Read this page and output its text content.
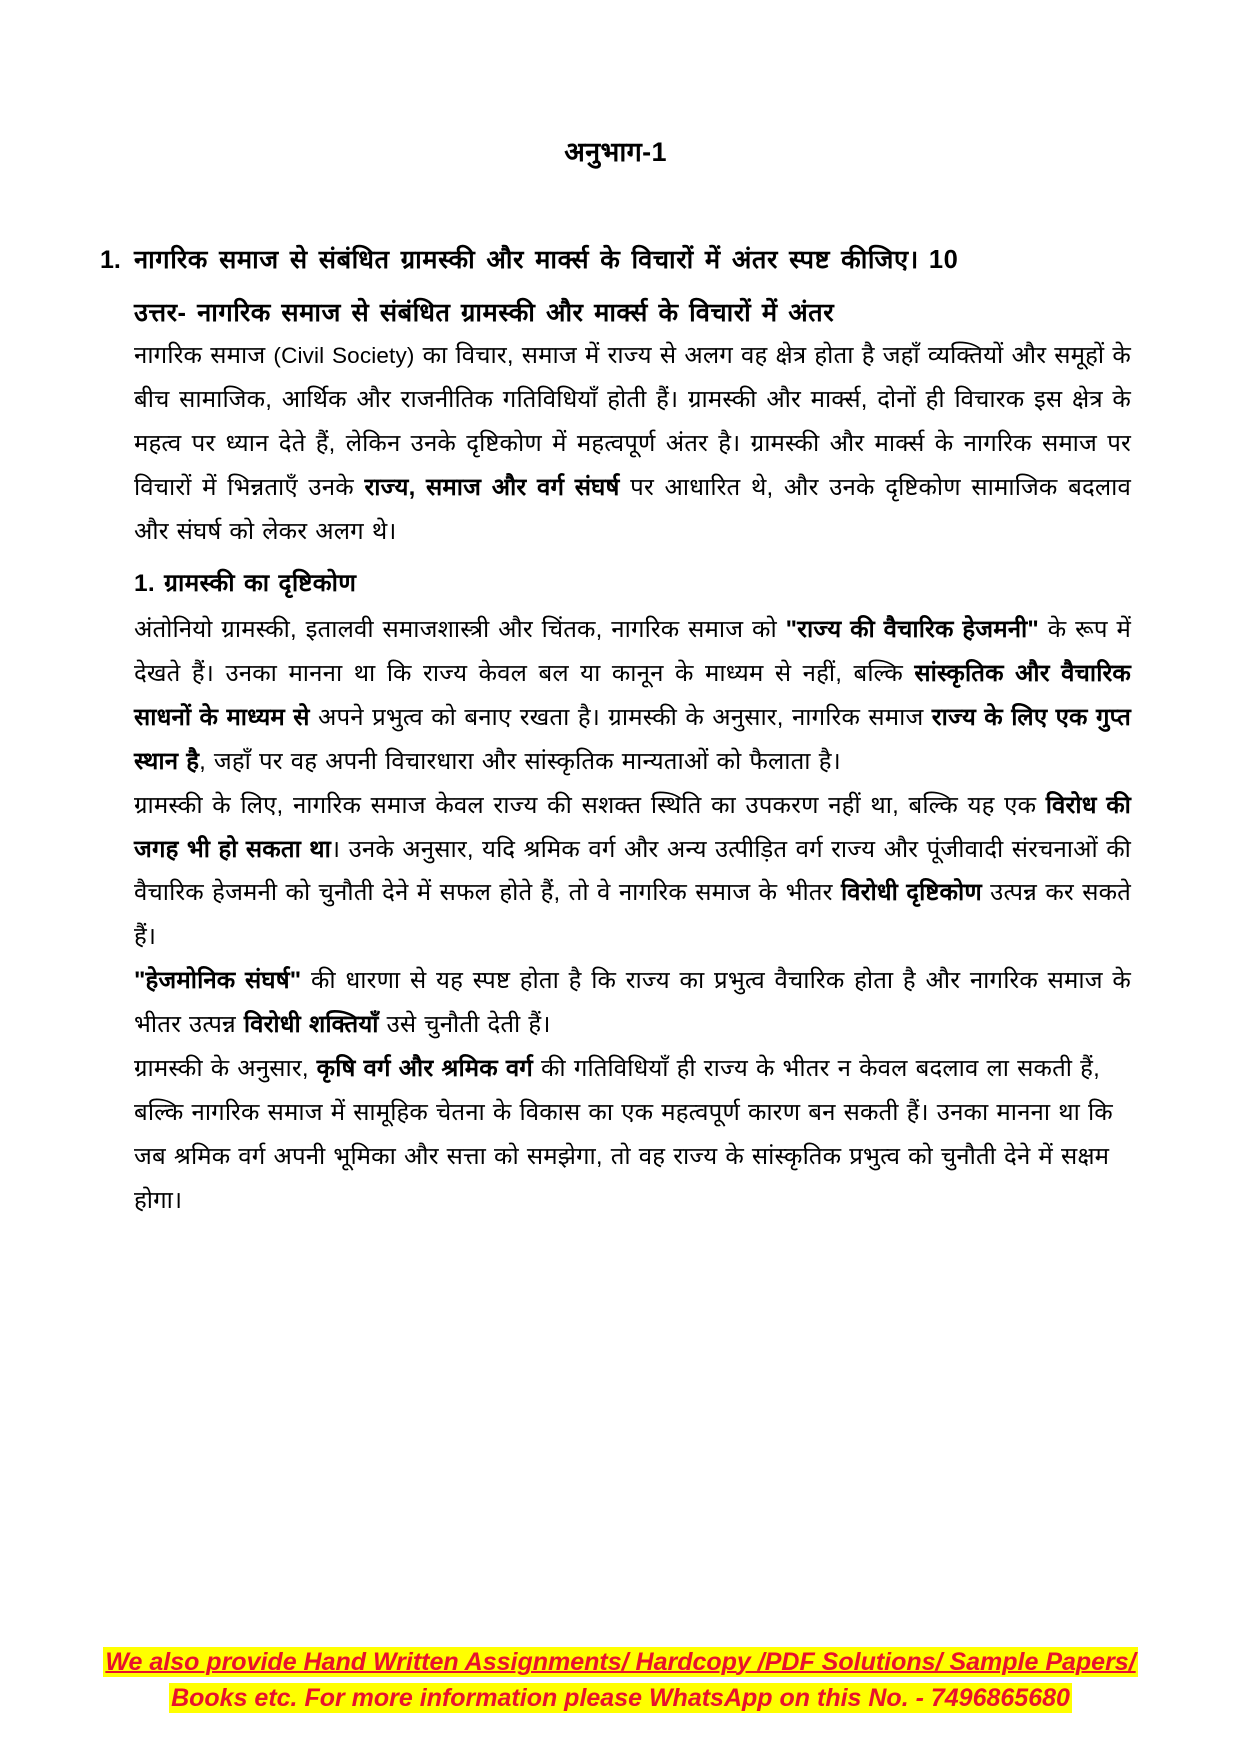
अनुभाग-1
1. नागरिक समाज से संबंधित ग्रामस्की और मार्क्स के विचारों में अंतर स्पष्ट कीजिए। 10
उत्तर- नागरिक समाज से संबंधित ग्रामस्की और मार्क्स के विचारों में अंतर

नागरिक समाज (Civil Society) का विचार, समाज में राज्य से अलग वह क्षेत्र होता है जहाँ व्यक्तियों और समूहों के बीच सामाजिक, आर्थिक और राजनीतिक गतिविधियाँ होती हैं। ग्रामस्की और मार्क्स, दोनों ही विचारक इस क्षेत्र के महत्व पर ध्यान देते हैं, लेकिन उनके दृष्टिकोण में महत्वपूर्ण अंतर है। ग्रामस्की और मार्क्स के नागरिक समाज पर विचारों में भिन्नताएँ उनके राज्य, समाज और वर्ग संघर्ष पर आधारित थे, और उनके दृष्टिकोण सामाजिक बदलाव और संघर्ष को लेकर अलग थे।

1. ग्रामस्की का दृष्टिकोण

अंतोनियो ग्रामस्की, इतालवी समाजशास्त्री और चिंतक, नागरिक समाज को "राज्य की वैचारिक हेजमनी" के रूप में देखते हैं। उनका मानना था कि राज्य केवल बल या कानून के माध्यम से नहीं, बल्कि सांस्कृतिक और वैचारिक साधनों के माध्यम से अपने प्रभुत्व को बनाए रखता है। ग्रामस्की के अनुसार, नागरिक समाज राज्य के लिए एक गुप्त स्थान है, जहाँ पर वह अपनी विचारधारा और सांस्कृतिक मान्यताओं को फैलाता है।

ग्रामस्की के लिए, नागरिक समाज केवल राज्य की सशक्त स्थिति का उपकरण नहीं था, बल्कि यह एक विरोध की जगह भी हो सकता था। उनके अनुसार, यदि श्रमिक वर्ग और अन्य उत्पीड़ित वर्ग राज्य और पूंजीवादी संरचनाओं की वैचारिक हेजमनी को चुनौती देने में सफल होते हैं, तो वे नागरिक समाज के भीतर विरोधी दृष्टिकोण उत्पन्न कर सकते हैं।

"हेजमोनिक संघर्ष" की धारणा से यह स्पष्ट होता है कि राज्य का प्रभुत्व वैचारिक होता है और नागरिक समाज के भीतर उत्पन्न विरोधी शक्तियाँ उसे चुनौती देती हैं।

ग्रामस्की के अनुसार, कृषि वर्ग और श्रमिक वर्ग की गतिविधियाँ ही राज्य के भीतर न केवल बदलाव ला सकती हैं, बल्कि नागरिक समाज में सामूहिक चेतना के विकास का एक महत्वपूर्ण कारण बन सकती हैं। उनका मानना था कि जब श्रमिक वर्ग अपनी भूमिका और सत्ता को समझेगा, तो वह राज्य के सांस्कृतिक प्रभुत्व को चुनौती देने में सक्षम होगा।

We also provide Hand Written Assignments/ Hardcopy /PDF Solutions/ Sample Papers/
Books etc. For more information please WhatsApp on this No. - 7496865680
